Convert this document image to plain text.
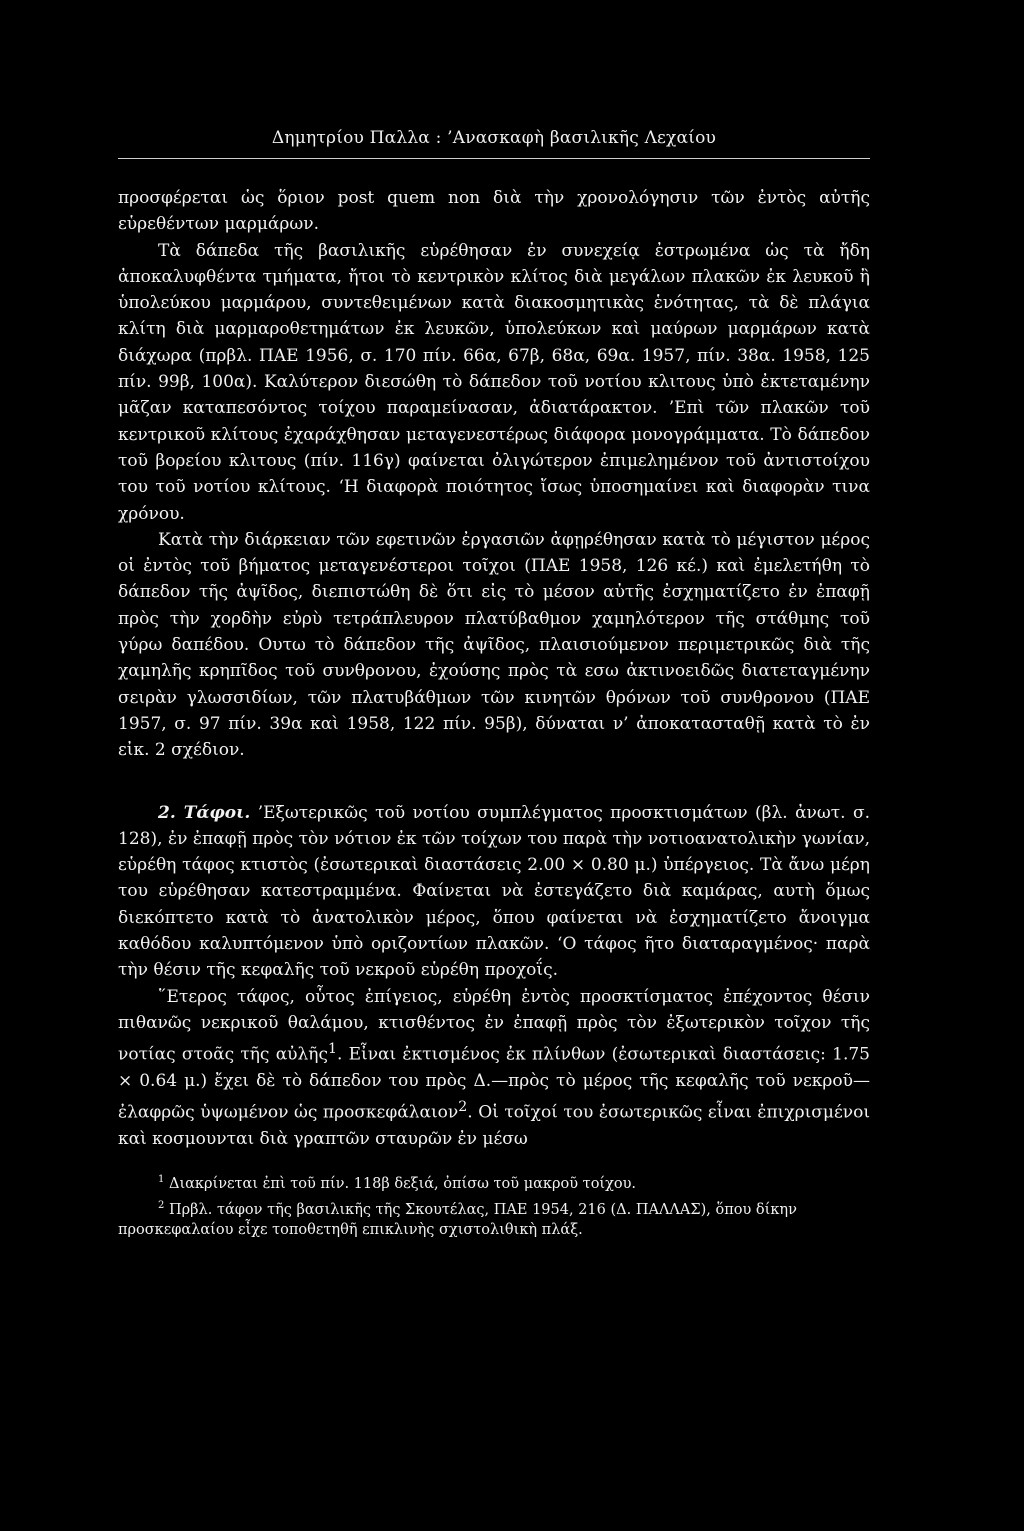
Δημητρίου Παλλα : ’Ανασκαφὴ βασιλικῆς Λεχαίου

προσφέρεται ὡς ὅριον post quem non διὰ τὴν χρονολόγησιν τῶν ἐντὸς αὐτῆς εὑρεθέντων μαρμάρων.

Τὰ δάπεδα τῆς βασιλικῆς εὑρέθησαν ἐν συνεχείᾳ ἐστρωμένα ὡς τὰ ἤδη ἀποκαλυφθέντα τμήματα, ἤτοι τὸ κεντρικὸν κλίτος διὰ μεγάλων πλακῶν ἐκ λευκοῦ ἢ ὑπολεύκου μαρμάρου, συντεθειμένων κατὰ διακοσμητικὰς ἑνότητας, τὰ δὲ πλάγια κλίτη διὰ μαρμαροθετημάτων ἐκ λευκῶν, ὑπολεύκων καὶ μαύρων μαρμάρων κατὰ διάχωρα (πρβλ. ΠΑΕ 1956, σ. 170 πίν. 66α, 67β, 68α, 69α. 1957, πίν. 38α. 1958, 125 πίν. 99β, 100α). Καλύτερον διεσώθη τὸ δάπεδον τοῦ νοτίου κλιτους ὑπὸ ἐκτεταμένην μᾶζαν καταπεσόντος τοίχου παραμείνασαν, ἀδιατάρακτον. ’Επὶ τῶν πλακῶν τοῦ κεντρικοῦ κλίτους ἐχαράχθησαν μεταγενεστέρως διάφορα μονογράμματα. Τὸ δάπεδον τοῦ βορείου κλιτους (πίν. 116γ) φαίνεται ὀλιγώτερον ἐπιμελημένον τοῦ ἀντιστοίχου του τοῦ νοτίου κλίτους. ‘Η διαφορὰ ποιότητος ἴσως ὑποσημαίνει καὶ διαφορὰν τινα χρόνου.

Κατὰ τὴν διάρκειαν τῶν εφετινῶν ἐργασιῶν ἀφῃρέθησαν κατὰ τὸ μέγιστον μέρος οἱ ἐντὸς τοῦ βήματος μεταγενέστεροι τοῖχοι (ΠΑΕ 1958, 126 κέ.) καὶ ἐμελετήθη τὸ δάπεδον τῆς ἀψῖδος, διεπιστώθη δὲ ὅτι εἰς τὸ μέσον αὐτῆς ἐσχηματίζετο ἐν ἐπαφῇ πρὸς τὴν χορδὴν εὐρὺ τετράπλευρον πλατύβαθμον χαμηλότερον τῆς στάθμης τοῦ γύρω δαπέδου. Ουτω τὸ δάπεδον τῆς ἀψῖδος, πλαισιούμενον περιμετρικῶς διὰ τῆς χαμηλῆς κρηπῖδος τοῦ συνθρονου, ἐχούσης πρὸς τὰ εσω ἀκτινοειδῶς διατεταγμένην σειρὰν γλωσσιδίων, τῶν πλατυβάθμων τῶν κινητῶν θρόνων τοῦ συνθρονου (ΠΑΕ 1957, σ. 97 πίν. 39α καὶ 1958, 122 πίν. 95β), δύναται ν’ ἀποκατασταθῇ κατὰ τὸ ἐν εἰκ. 2 σχέδιον.

2. Τάφοι. ’Εξωτερικῶς τοῦ νοτίου συμπλέγματος προσκτισμάτων (βλ. ἀνωτ. σ. 128), ἐν ἐπαφῇ πρὸς τὸν νότιον ἐκ τῶν τοίχων του παρὰ τὴν νοτιοανατολικὴν γωνίαν, εὑρέθη τάφος κτιστὸς (ἐσωτερικαὶ διαστάσεις 2.00 × 0.80 μ.) ὑπέργειος. Τὰ ἄνω μέρη του εὑρέθησαν κατεστραμμένα. Φαίνεται νὰ ἐστεγάζετο διὰ καμάρας, αυτὴ ὅμως διεκόπτετο κατὰ τὸ ἀνατολικὸν μέρος, ὅπου φαίνεται νὰ ἐσχηματίζετο ἄνοιγμα καθόδου καλυπτόμενον ὑπὸ οριζοντίων πλακῶν. ‘Ο τάφος ῆτο διαταραγμένος· παρὰ τὴν θέσιν τῆς κεφαλῆς τοῦ νεκροῦ εὑρέθη προχοΐς.

῞Ετερος τάφος, οὗτος ἐπίγειος, εὑρέθη ἐντὸς προσκτίσματος ἐπέχοντος θέσιν πιθανῶς νεκρικοῦ θαλάμου, κτισθέντος ἐν ἐπαφῇ πρὸς τὸν ἐξωτερικὸν τοῖχον τῆς νοτίας στοᾶς τῆς αὐλῆς$^1$. Εἶναι ἐκτισμένος ἐκ πλίνθων (ἐσωτερικαὶ διαστάσεις: 1.75 × 0.64 μ.) ἔχει δὲ τὸ δάπεδον του πρὸς Δ.—πρὸς τὸ μέρος τῆς κεφαλῆς τοῦ νεκροῦ— ἐλαφρῶς ὑψωμένον ὡς προσκεφάλαιον$^2$. Οἱ τοῖχοί του ἐσωτερικῶς εἶναι ἐπιχρισμένοι καὶ κοσμουνται διὰ γραπτῶν σταυρῶν ἐν μέσω

$^1$ Διακρίνεται ἐπὶ τοῦ πίν. 118β δεξιά, ὀπίσω τοῦ μακροῦ τοίχου.

$^2$ Πρβλ. τάφον τῆς βασιλικῆς τῆς Σκουτέλας, ΠΑΕ 1954, 216 (Δ. ΠΑΛΛΑΣ), ὅπου δίκην προσκεφαλαίου εἶχε τοποθετηθῆ επικλινὴς σχιστολιθικὴ πλάξ.
